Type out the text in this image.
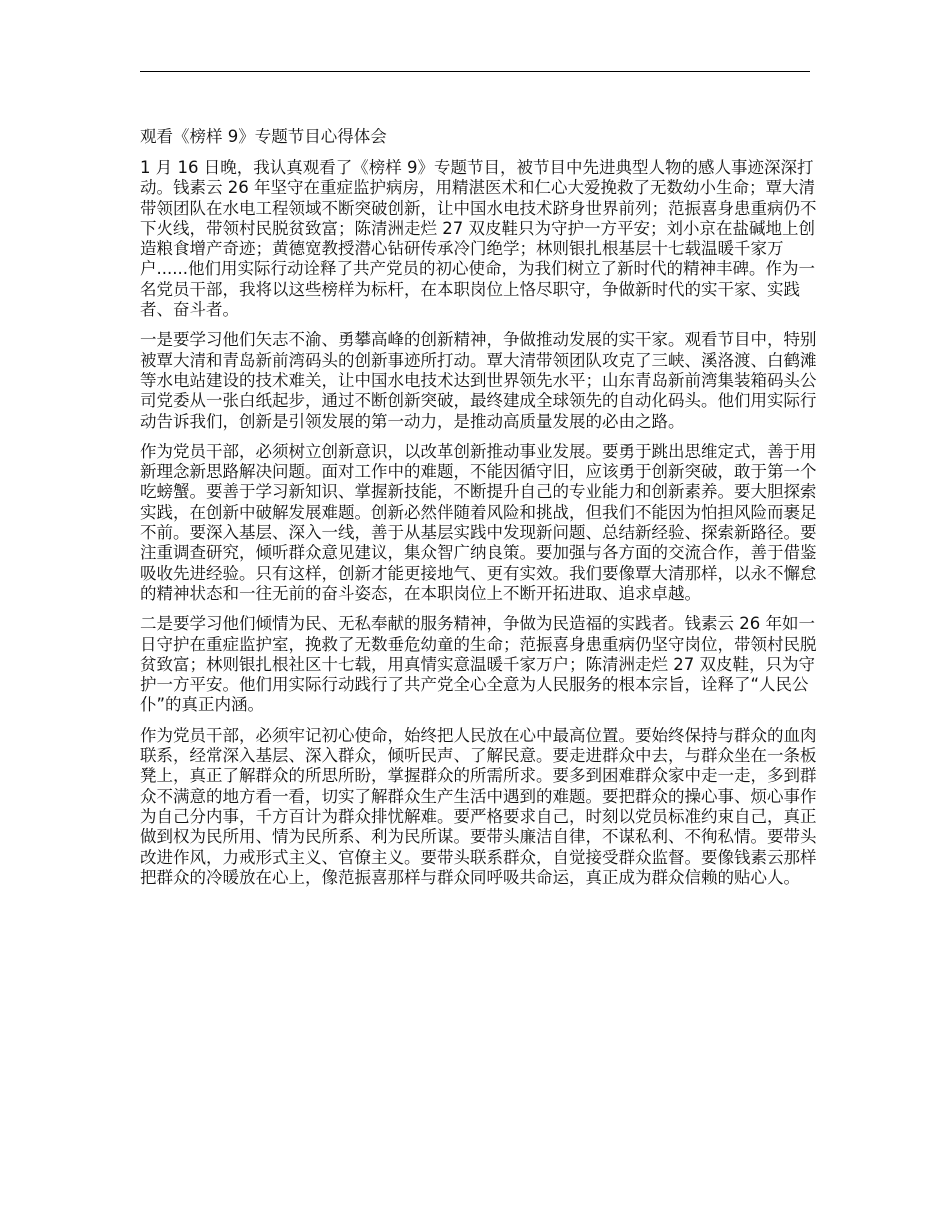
观看《榜样 9》专题节目心得体会

1 月 16 日晚，我认真观看了《榜样 9》专题节目，被节目中先进典型人物的感人事迹深深打动。钱素云 26 年坚守在重症监护病房，用精湛医术和仁心大爱挽救了无数幼小生命；覃大清带领团队在水电工程领域不断突破创新，让中国水电技术跻身世界前列；范振喜身患重病仍不下火线，带领村民脱贫致富；陈清洲走烂 27 双皮鞋只为守护一方平安；刘小京在盐碱地上创造粮食增产奇迹；黄德宽教授潜心钻研传承冷门绝学；林则银扎根基层十七载温暖千家万户......他们用实际行动诠释了共产党员的初心使命，为我们树立了新时代的精神丰碑。作为一名党员干部，我将以这些榜样为标杆，在本职岗位上恪尽职守，争做新时代的实干家、实践者、奋斗者。

一是要学习他们矢志不渝、勇攀高峰的创新精神，争做推动发展的实干家。观看节目中，特别被覃大清和青岛新前湾码头的创新事迹所打动。覃大清带领团队攻克了三峡、溪洛渡、白鹤滩等水电站建设的技术难关，让中国水电技术达到世界领先水平；山东青岛新前湾集装箱码头公司党委从一张白纸起步，通过不断创新突破，最终建成全球领先的自动化码头。他们用实际行动告诉我们，创新是引领发展的第一动力，是推动高质量发展的必由之路。

作为党员干部，必须树立创新意识，以改革创新推动事业发展。要勇于跳出思维定式，善于用新理念新思路解决问题。面对工作中的难题，不能因循守旧，应该勇于创新突破，敢于第一个吃螃蟹。要善于学习新知识、掌握新技能，不断提升自己的专业能力和创新素养。要大胆探索实践，在创新中破解发展难题。创新必然伴随着风险和挑战，但我们不能因为怕担风险而裹足不前。要深入基层、深入一线，善于从基层实践中发现新问题、总结新经验、探索新路径。要注重调查研究，倾听群众意见建议，集众智广纳良策。要加强与各方面的交流合作，善于借鉴吸收先进经验。只有这样，创新才能更接地气、更有实效。我们要像覃大清那样，以永不懈怠的精神状态和一往无前的奋斗姿态，在本职岗位上不断开拓进取、追求卓越。

二是要学习他们倾情为民、无私奉献的服务精神，争做为民造福的实践者。钱素云 26 年如一日守护在重症监护室，挽救了无数垂危幼童的生命；范振喜身患重病仍坚守岗位，带领村民脱贫致富；林则银扎根社区十七载，用真情实意温暖千家万户；陈清洲走烂 27 双皮鞋，只为守护一方平安。他们用实际行动践行了共产党全心全意为人民服务的根本宗旨，诠释了“人民公仆”的真正内涵。

作为党员干部，必须牢记初心使命，始终把人民放在心中最高位置。要始终保持与群众的血肉联系，经常深入基层、深入群众，倾听民声、了解民意。要走进群众中去，与群众坐在一条板凳上，真正了解群众的所思所盼，掌握群众的所需所求。要多到困难群众家中走一走，多到群众不满意的地方看一看，切实了解群众生产生活中遇到的难题。要把群众的操心事、烦心事作为自己分内事，千方百计为群众排忧解难。要严格要求自己，时刻以党员标准约束自己，真正做到权为民所用、情为民所系、利为民所谋。要带头廉洁自律，不谋私利、不徇私情。要带头改进作风，力戒形式主义、官僚主义。要带头联系群众，自觉接受群众监督。要像钱素云那样把群众的冷暖放在心上，像范振喜那样与群众同呼吸共命运，真正成为群众信赖的贴心人。
